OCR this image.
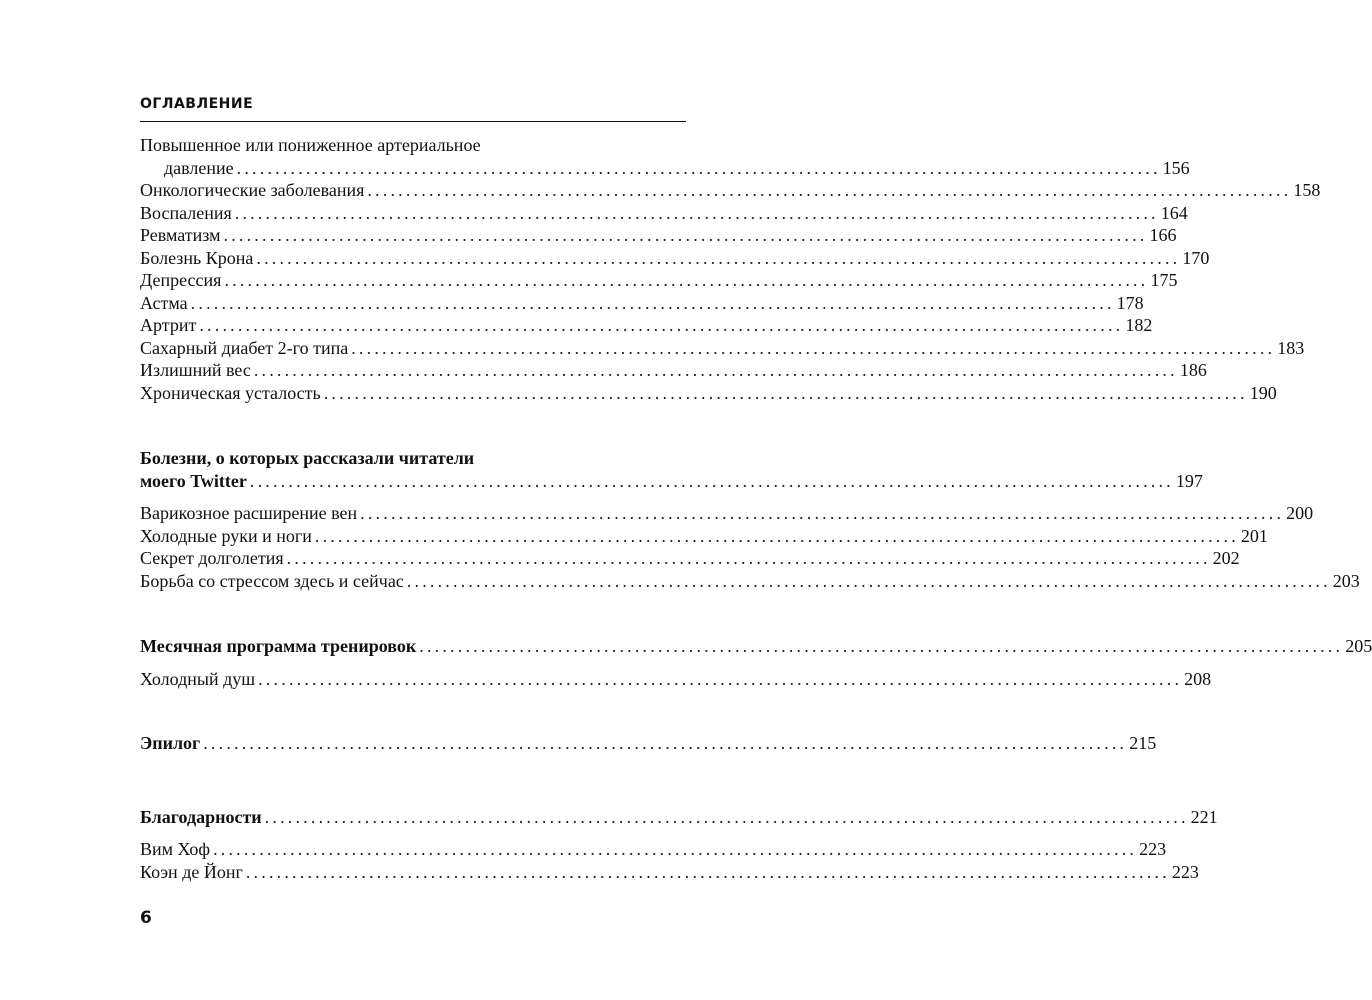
ОГЛАВЛЕНИЕ
Повышенное или пониженное артериальное
давление ........................................................................................................................ 156
Онкологические заболевания ........................................................................................................................ 158
Воспаления ........................................................................................................................ 164
Ревматизм ........................................................................................................................ 166
Болезнь Крона ........................................................................................................................ 170
Депрессия ........................................................................................................................ 175
Астма ........................................................................................................................ 178
Артрит ........................................................................................................................ 182
Сахарный диабет 2-го типа ........................................................................................................................ 183
Излишний вес ........................................................................................................................ 186
Хроническая усталость ........................................................................................................................ 190
Болезни, о которых рассказали читатели
моего Twitter ........................................................................................................................ 197
Варикозное расширение вен ........................................................................................................................ 200
Холодные руки и ноги ........................................................................................................................ 201
Секрет долголетия ........................................................................................................................ 202
Борьба со стрессом здесь и сейчас ........................................................................................................................ 203
Месячная программа тренировок ........................................................................................................................ 205
Холодный душ ........................................................................................................................ 208
Эпилог ........................................................................................................................ 215
Благодарности ........................................................................................................................ 221
Вим Хоф ........................................................................................................................ 223
Коэн де Йонг ........................................................................................................................ 223
6
